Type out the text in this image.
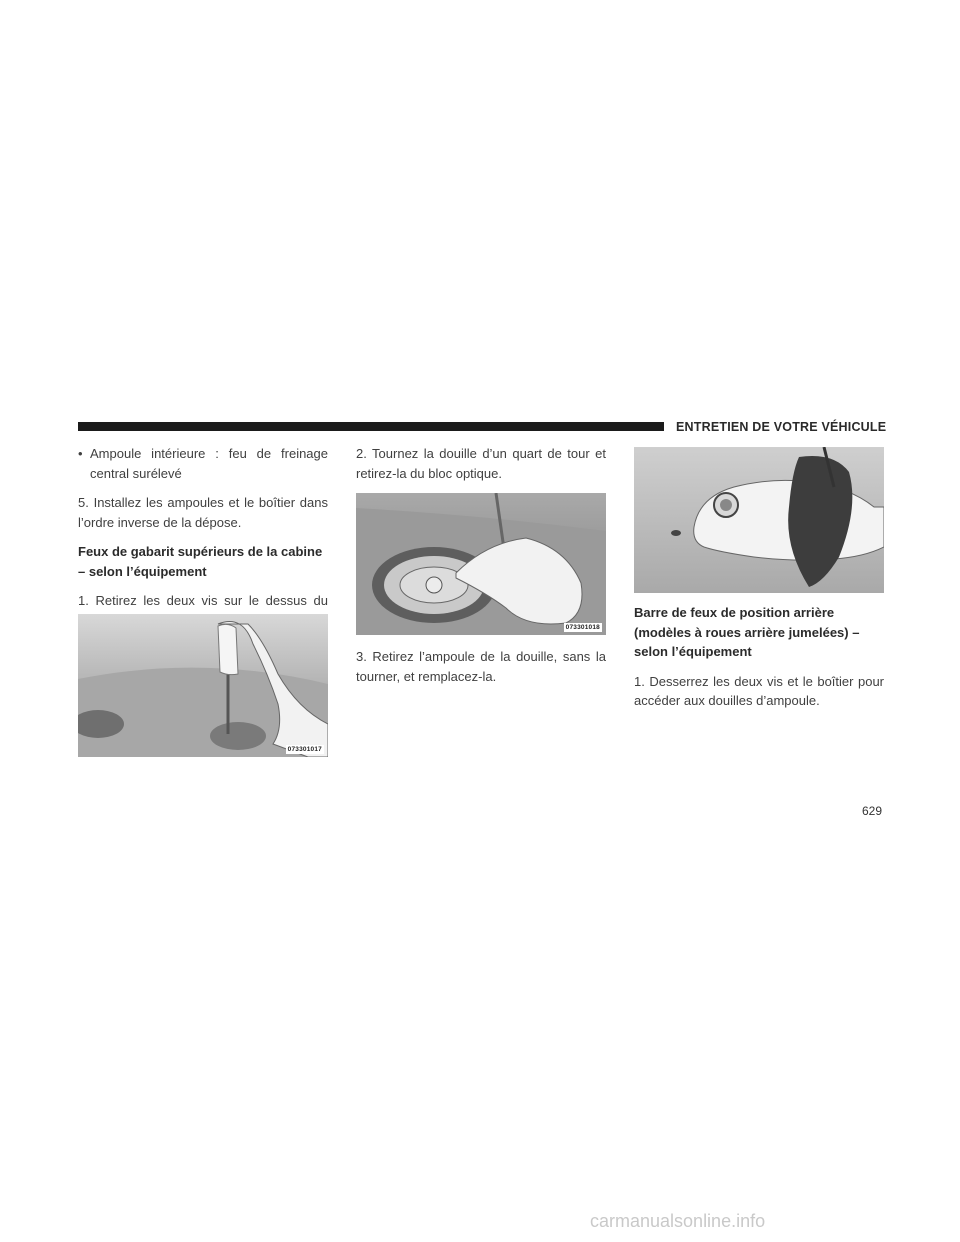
ENTRETIEN DE VOTRE VÉHICULE

• Ampoule intérieure : feu de freinage central surélevé

5. Installez les ampoules et le boîtier dans l’ordre inverse de la dépose.

Feux de gabarit supérieurs de la cabine – selon l’équipement

1. Retirez les deux vis sur le dessus du

073301017

2. Tournez la douille d’un quart de tour et retirez-la du bloc optique.

073301018

3. Retirez l’ampoule de la douille, sans la tourner, et remplacez-la.

Barre de feux de position arrière (modèles à roues arrière jumelées) – selon l’équipement

1. Desserrez les deux vis et le boîtier pour accéder aux douilles d’ampoule.

629
carmanualsonline.info
